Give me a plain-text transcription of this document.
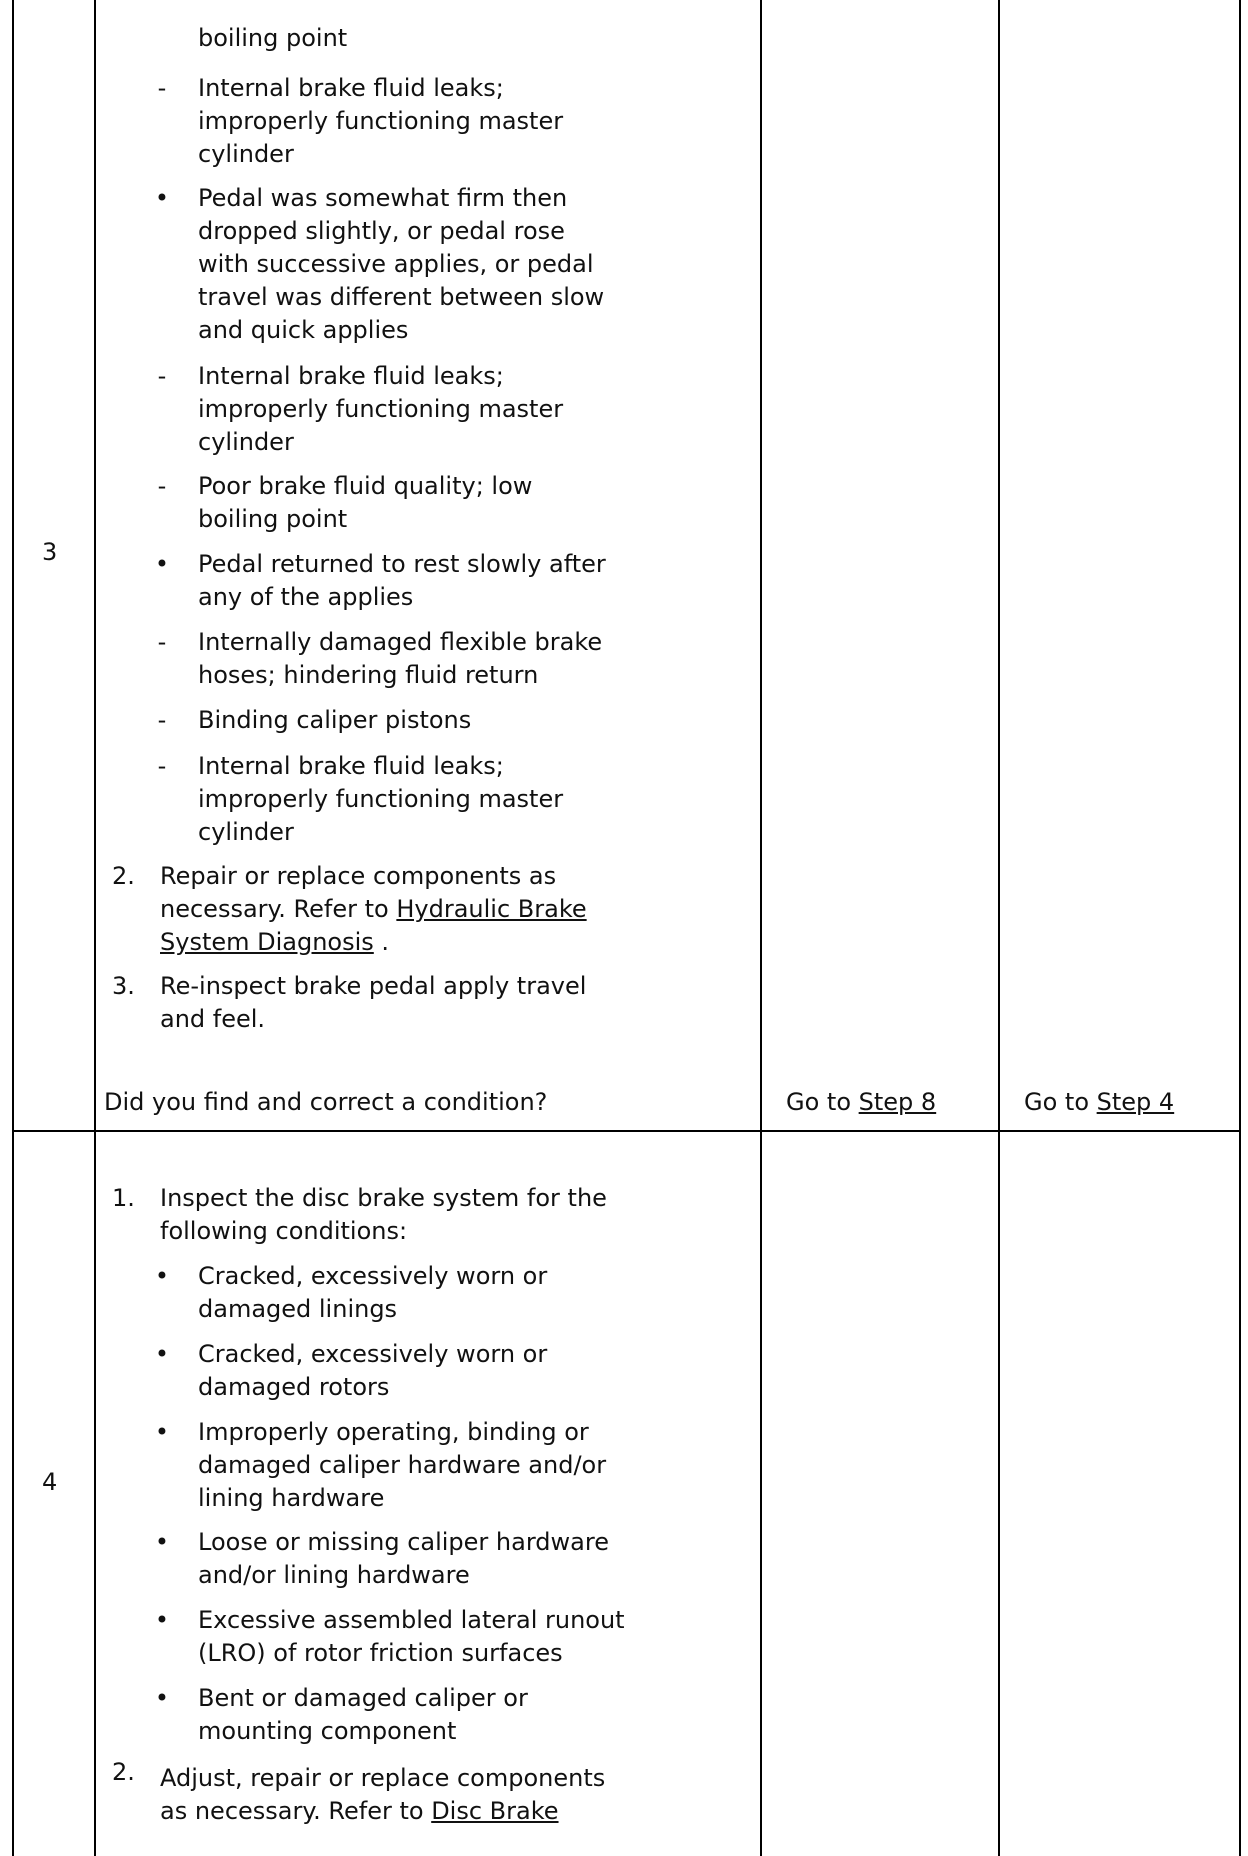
3
boiling point
- Internal brake fluid leaks;
improperly functioning master
cylinder
• Pedal was somewhat firm then
dropped slightly, or pedal rose
with successive applies, or pedal
travel was different between slow
and quick applies
- Internal brake fluid leaks;
improperly functioning master
cylinder
- Poor brake fluid quality; low
boiling point
• Pedal returned to rest slowly after
any of the applies
- Internally damaged flexible brake
hoses; hindering fluid return
- Binding caliper pistons
- Internal brake fluid leaks;
improperly functioning master
cylinder
2. Repair or replace components as
necessary. Refer to Hydraulic Brake
System Diagnosis .
3. Re-inspect brake pedal apply travel
and feel.
Did you find and correct a condition?	Go to Step 8	Go to Step 4
4
1. Inspect the disc brake system for the
following conditions:
• Cracked, excessively worn or
damaged linings
• Cracked, excessively worn or
damaged rotors
• Improperly operating, binding or
damaged caliper hardware and/or
lining hardware
• Loose or missing caliper hardware
and/or lining hardware
• Excessive assembled lateral runout
(LRO) of rotor friction surfaces
• Bent or damaged caliper or
mounting component
2. Adjust, repair or replace components
as necessary. Refer to Disc Brake
